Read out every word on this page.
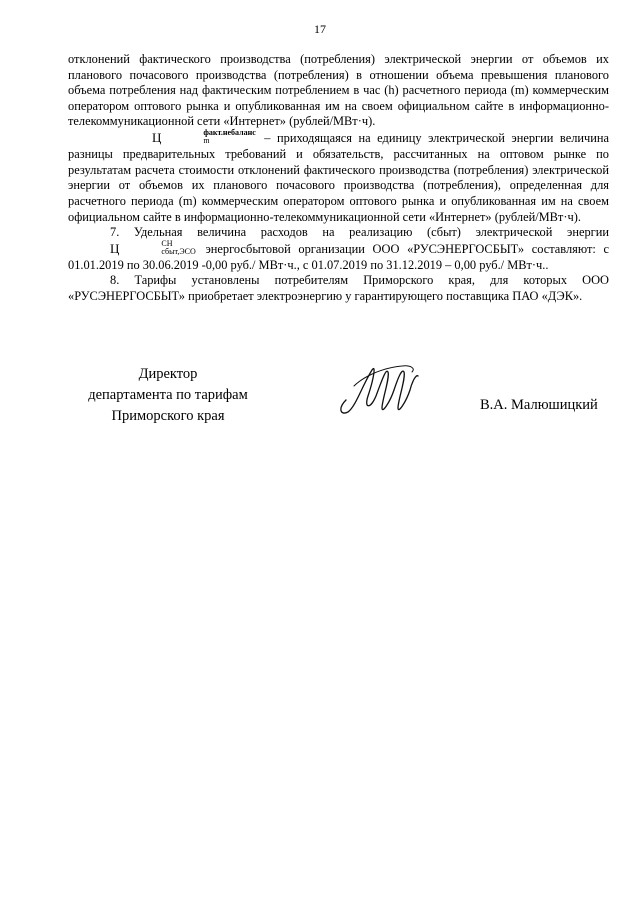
17

отклонений фактического производства (потребления) электрической энергии от объемов их планового почасового производства (потребления) в отношении объема превышения планового объема потребления над фактическим потреблением в час (h) расчетного периода (m) коммерческим оператором оптового рынка и опубликованная им на своем официальном сайте в информационно-телекоммуникационной сети «Интернет» (рублей/МВт·ч).

Ц	факт.небаланс
m	– приходящаяся на единицу электрической энергии величина разницы предварительных требований и обязательств, рассчитанных на оптовом рынке по результатам расчета стоимости отклонений фактического производства (потребления) электрической энергии от объемов их планового почасового производства (потребления), определенная для расчетного периода (m) коммерческим оператором оптового рынка и опубликованная им на своем официальном сайте в информационно-телекоммуникационной сети «Интернет» (рублей/МВт·ч).

7. Удельная величина расходов на реализацию (сбыт) электрической энергии Ц	СН
сбыт,ЭСО энергосбытовой организации ООО «РУСЭНЕРГОСБЫТ» составляют: с 01.01.2019 по 30.06.2019 -0,00 руб./ МВт·ч., с 01.07.2019 по 31.12.2019 – 0,00 руб./ МВт·ч..

8. Тарифы установлены потребителям Приморского края, для которых ООО «РУСЭНЕРГОСБЫТ» приобретает электроэнергию у гарантирующего поставщика ПАО «ДЭК».

Директор
департамента по тарифам
Приморского края
В.А. Малюшицкий
